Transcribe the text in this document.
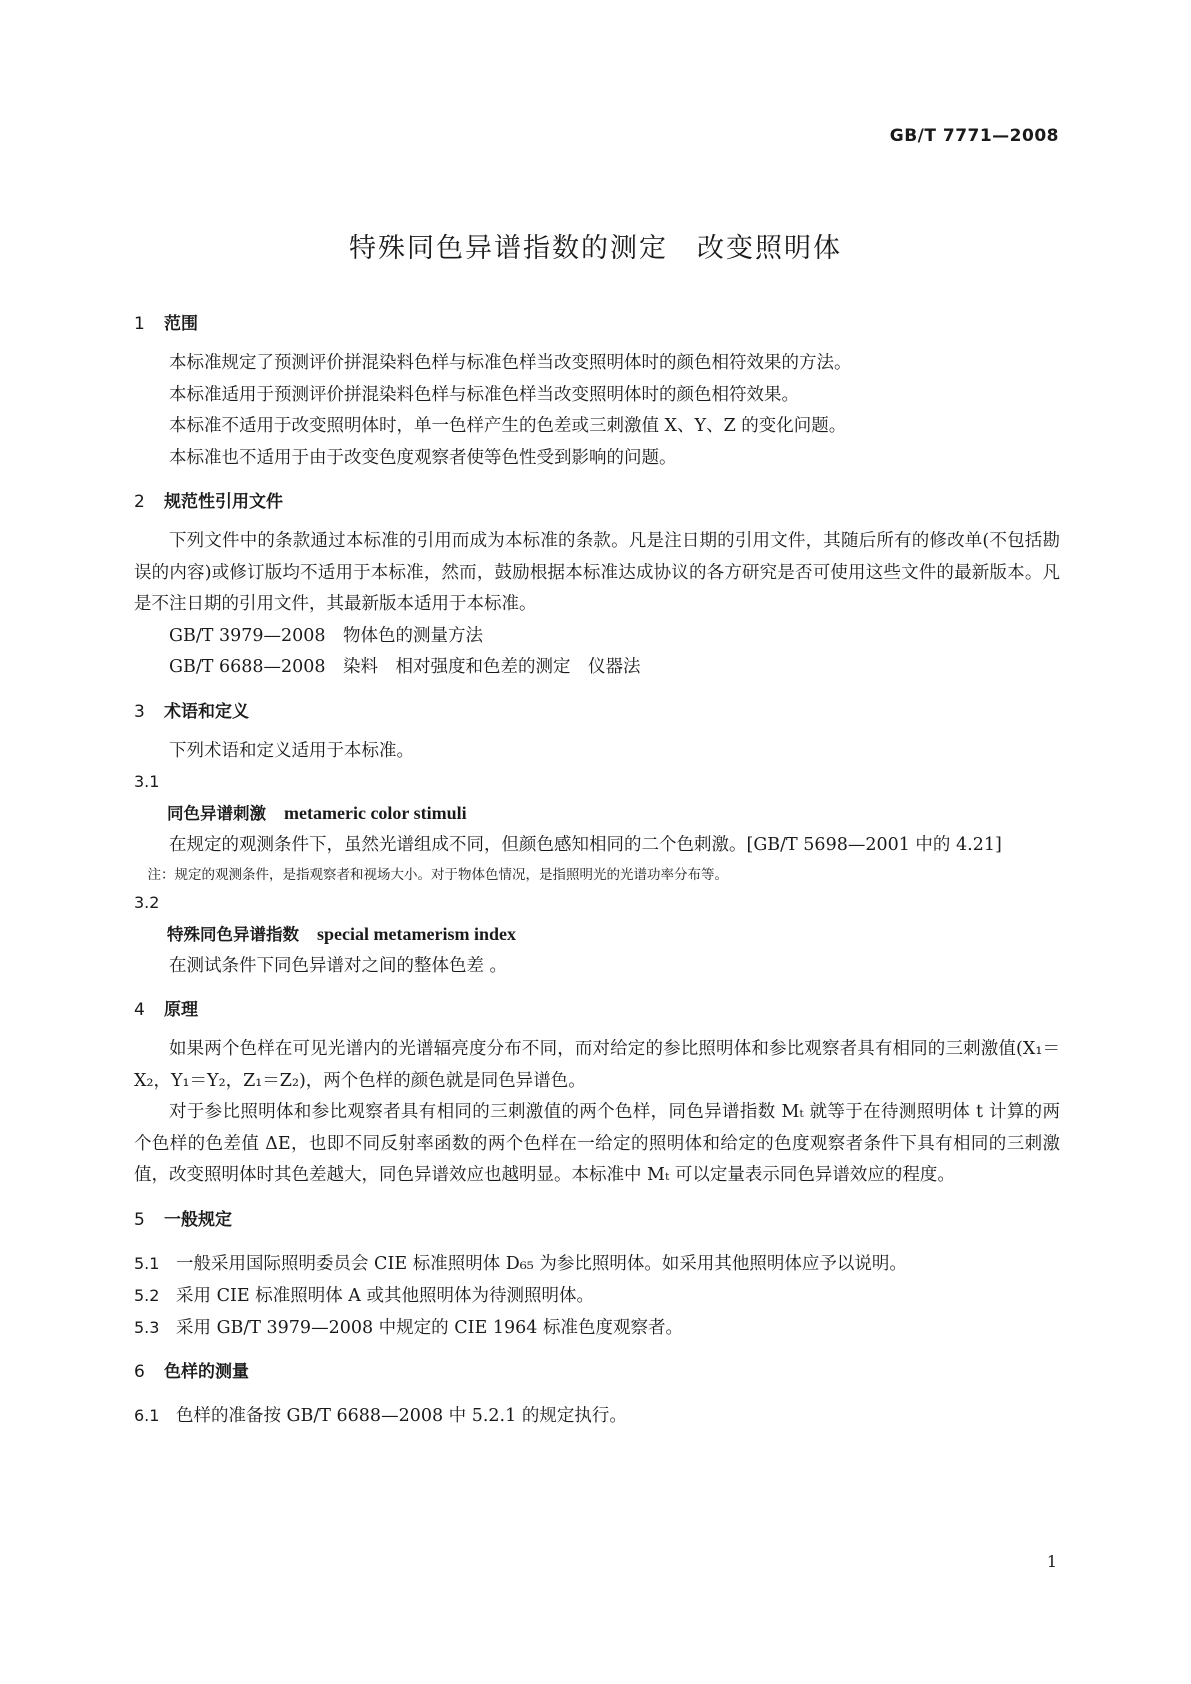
GB/T 7771—2008
特殊同色异谱指数的测定　改变照明体
1 范围
本标准规定了预测评价拼混染料色样与标准色样当改变照明体时的颜色相符效果的方法。
本标准适用于预测评价拼混染料色样与标准色样当改变照明体时的颜色相符效果。
本标准不适用于改变照明体时，单一色样产生的色差或三刺激值 X、Y、Z 的变化问题。
本标准也不适用于由于改变色度观察者使等色性受到影响的问题。
2 规范性引用文件
下列文件中的条款通过本标准的引用而成为本标准的条款。凡是注日期的引用文件，其随后所有的修改单(不包括勘误的内容)或修订版均不适用于本标准，然而，鼓励根据本标准达成协议的各方研究是否可使用这些文件的最新版本。凡是不注日期的引用文件，其最新版本适用于本标准。
GB/T 3979—2008　物体色的测量方法
GB/T 6688—2008　染料　相对强度和色差的测定　仪器法
3 术语和定义
下列术语和定义适用于本标准。
3.1
同色异谱刺激 metameric color stimuli
在规定的观测条件下，虽然光谱组成不同，但颜色感知相同的二个色刺激。[GB/T 5698—2001 中的 4.21]
注：规定的观测条件，是指观察者和视场大小。对于物体色情况，是指照明光的光谱功率分布等。
3.2
特殊同色异谱指数 special metamerism index
在测试条件下同色异谱对之间的整体色差 。
4 原理
如果两个色样在可见光谱内的光谱辐亮度分布不同，而对给定的参比照明体和参比观察者具有相同的三刺激值(X₁＝X₂，Y₁＝Y₂，Z₁＝Z₂)，两个色样的颜色就是同色异谱色。
对于参比照明体和参比观察者具有相同的三刺激值的两个色样，同色异谱指数 Mₜ 就等于在待测照明体 t 计算的两个色样的色差值 ΔE，也即不同反射率函数的两个色样在一给定的照明体和给定的色度观察者条件下具有相同的三刺激值，改变照明体时其色差越大，同色异谱效应也越明显。本标准中 Mₜ 可以定量表示同色异谱效应的程度。
5 一般规定
5.1 一般采用国际照明委员会 CIE 标准照明体 D₆₅ 为参比照明体。如采用其他照明体应予以说明。
5.2 采用 CIE 标准照明体 A 或其他照明体为待测照明体。
5.3 采用 GB/T 3979—2008 中规定的 CIE 1964 标准色度观察者。
6 色样的测量
6.1 色样的准备按 GB/T 6688—2008 中 5.2.1 的规定执行。
1
